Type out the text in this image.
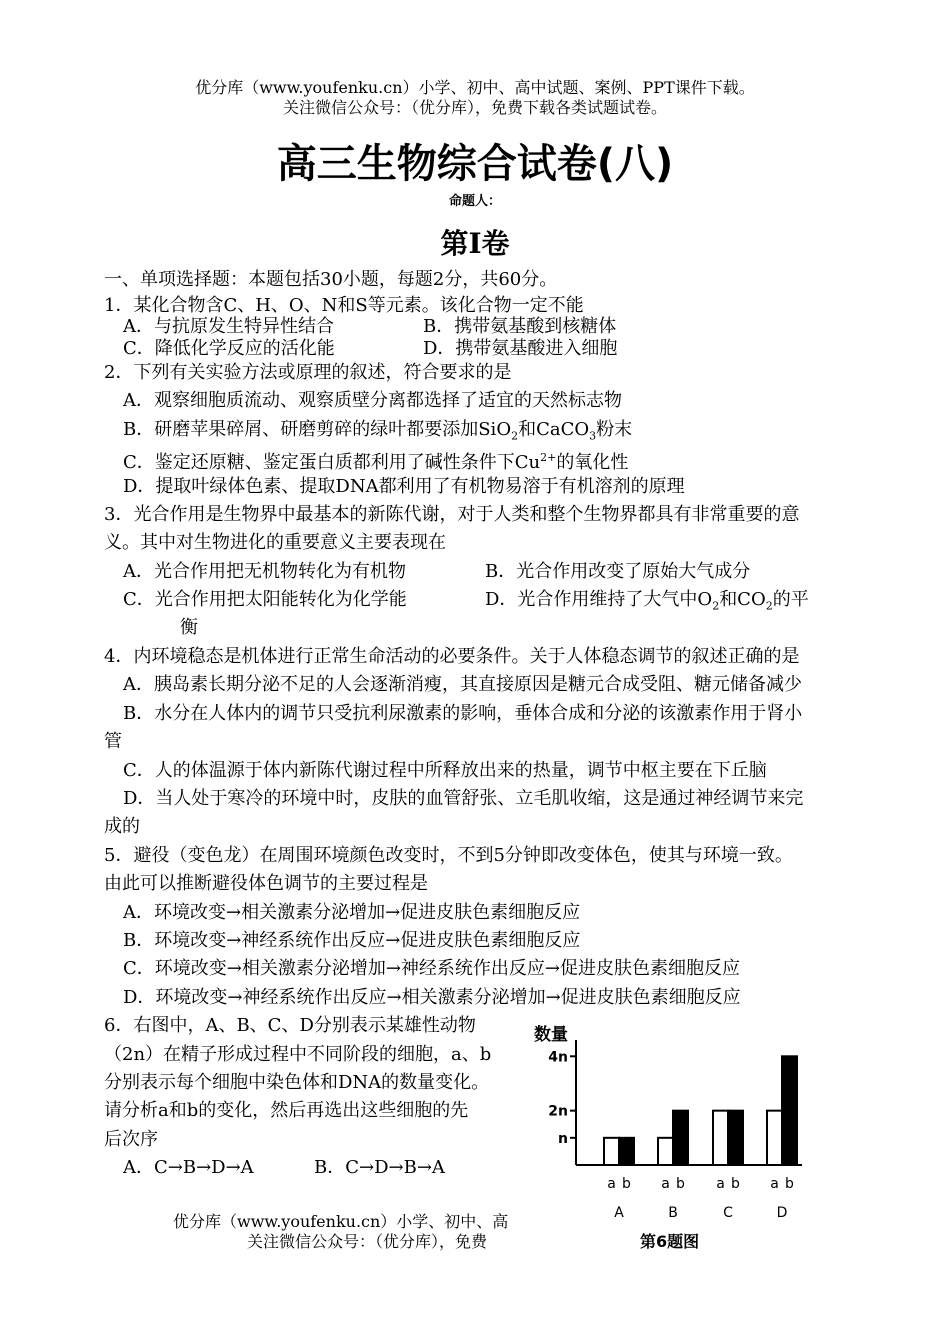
优分库（www.youfenku.cn）小学、初中、高中试题、案例、PPT课件下载。
关注微信公众号：（优分库），免费下载各类试题试卷。
高三生物综合试卷(八)
命题人：
第Ⅰ卷
一、单项选择题：本题包括30小题，每题2分，共60分。
1．某化合物含C、H、O、N和S等元素。该化合物一定不能
A．与抗原发生特异性结合	B．携带氨基酸到核糖体
C．降低化学反应的活化能	D．携带氨基酸进入细胞
2．下列有关实验方法或原理的叙述，符合要求的是
A．观察细胞质流动、观察质壁分离都选择了适宜的天然标志物
B．研磨苹果碎屑、研磨剪碎的绿叶都要添加SiO$_2$和CaCO$_3$粉末
C．鉴定还原糖、鉴定蛋白质都利用了碱性条件下$Cu^{2+}$的氧化性
D．提取叶绿体色素、提取DNA都利用了有机物易溶于有机溶剂的原理
3．光合作用是生物界中最基本的新陈代谢，对于人类和整个生物界都具有非常重要的意
义。其中对生物进化的重要意义主要表现在
A．光合作用把无机物转化为有机物	B．光合作用改变了原始大气成分
C．光合作用把太阳能转化为化学能	D．光合作用维持了大气中$O_2$和$CO_2$的平
衡
4．内环境稳态是机体进行正常生命活动的必要条件。关于人体稳态调节的叙述正确的是
A．胰岛素长期分泌不足的人会逐渐消瘦，其直接原因是糖元合成受阻、糖元储备减少
B．水分在人体内的调节只受抗利尿激素的影响，垂体合成和分泌的该激素作用于肾小
管
C．人的体温源于体内新陈代谢过程中所释放出来的热量，调节中枢主要在下丘脑
D．当人处于寒冷的环境中时，皮肤的血管舒张、立毛肌收缩，这是通过神经调节来完
成的
5．避役（变色龙）在周围环境颜色改变时，不到5分钟即改变体色，使其与环境一致。
由此可以推断避役体色调节的主要过程是
A．环境改变→相关激素分泌增加→促进皮肤色素细胞反应
B．环境改变→神经系统作出反应→促进皮肤色素细胞反应
C．环境改变→相关激素分泌增加→神经系统作出反应→促进皮肤色素细胞反应
D．环境改变→神经系统作出反应→相关激素分泌增加→促进皮肤色素细胞反应
6．右图中，A、B、C、D分别表示某雄性动物
（2n）在精子形成过程中不同阶段的细胞，a、b
分别表示每个细胞中染色体和DNA的数量变化。
请分析a和b的变化，然后再选出这些细胞的先
后次序
A．C→B→D→A	B．C→D→B→A
数量
n
2n
4n
a b
A
a b
B
a b
C
a b
D
第6题图
优分库（www.youfenku.cn）小学、初中、高
关注微信公众号：（优分库），免费
